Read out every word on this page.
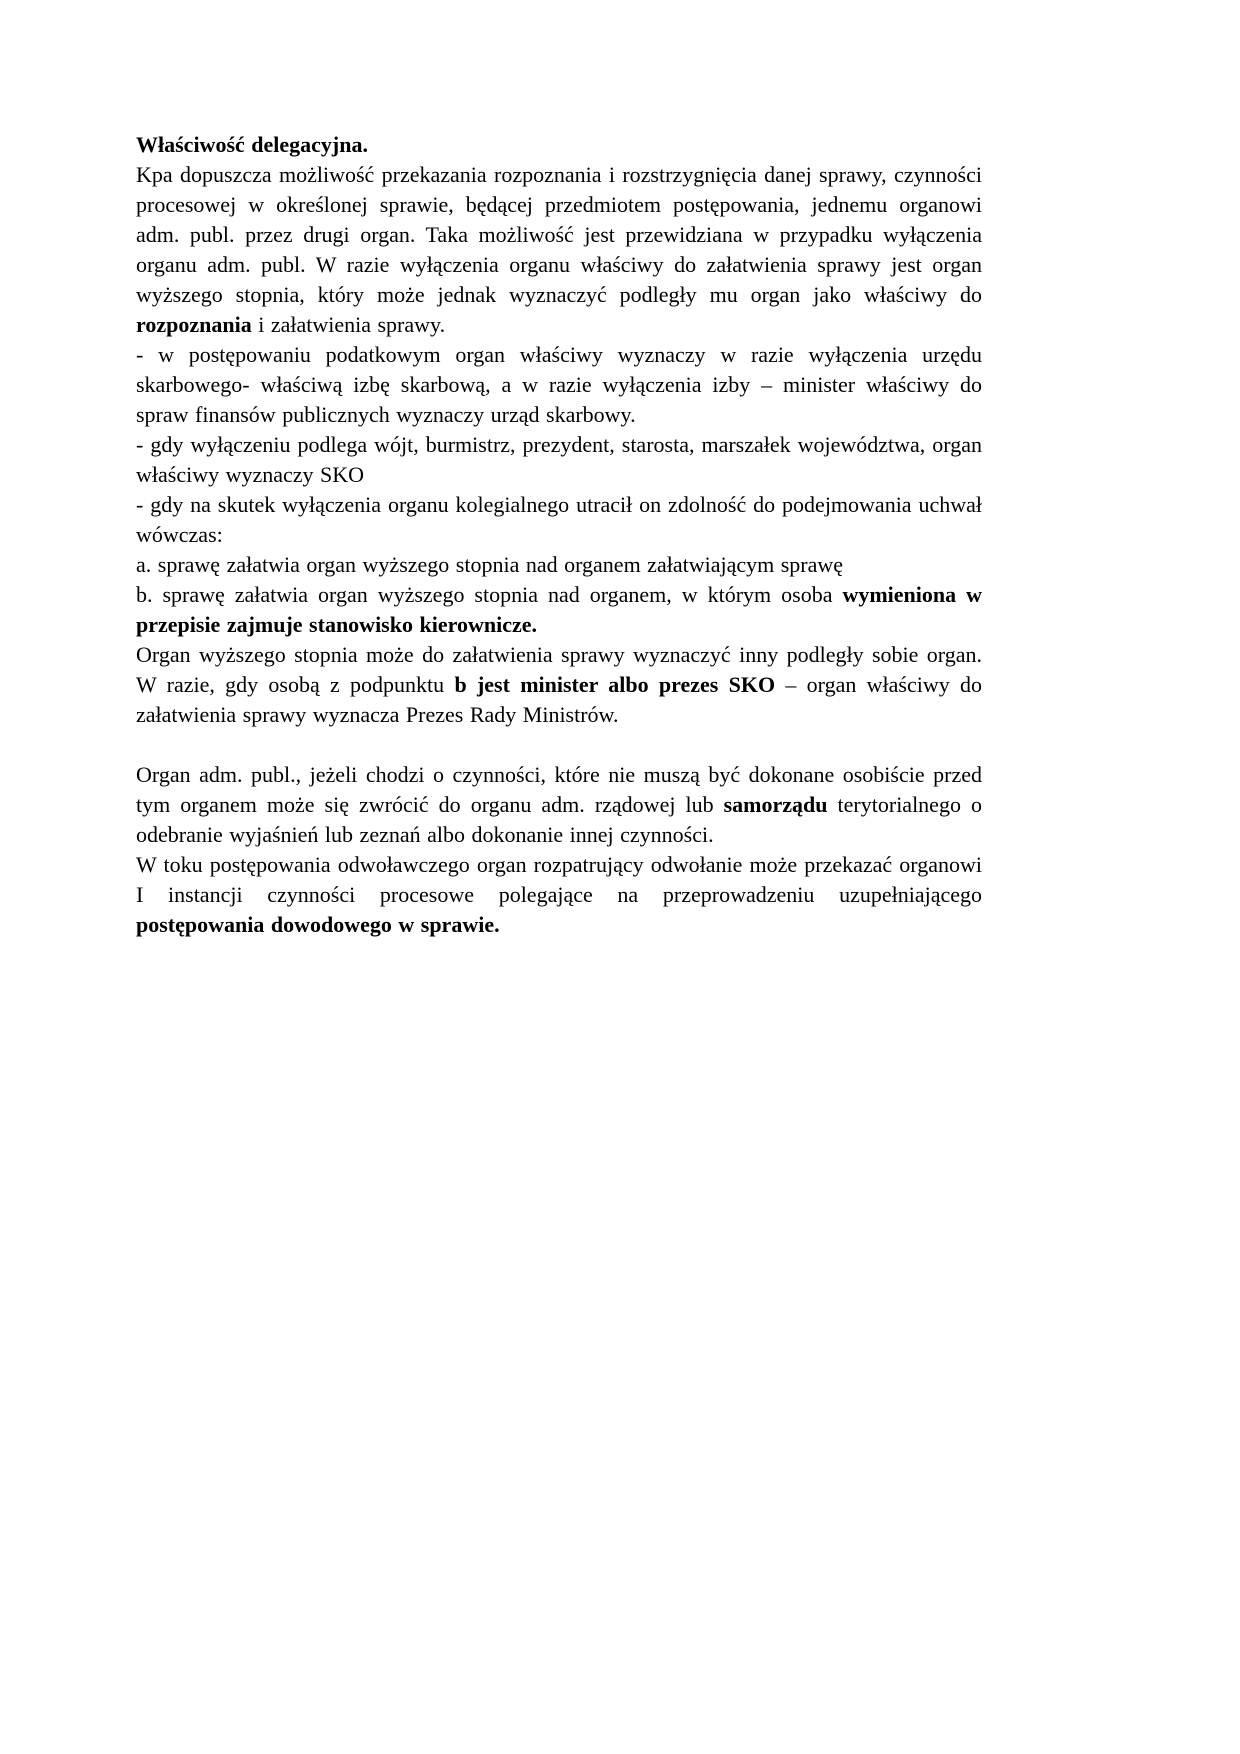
Właściwość delegacyjna.

Kpa dopuszcza możliwość przekazania rozpoznania i rozstrzygnięcia danej sprawy, czynności procesowej w określonej sprawie, będącej przedmiotem postępowania, jednemu organowi adm. publ. przez drugi organ. Taka możliwość jest przewidziana w przypadku wyłączenia organu adm. publ. W razie wyłączenia organu właściwy do załatwienia sprawy jest organ wyższego stopnia, który może jednak wyznaczyć podległy mu organ jako właściwy do rozpoznania i załatwienia sprawy.

- w postępowaniu podatkowym organ właściwy wyznaczy w razie wyłączenia urzędu skarbowego- właściwą izbę skarbową, a w razie wyłączenia izby – minister właściwy do spraw finansów publicznych wyznaczy urząd skarbowy.

- gdy wyłączeniu podlega wójt, burmistrz, prezydent, starosta, marszałek województwa, organ właściwy wyznaczy SKO

- gdy na skutek wyłączenia organu kolegialnego utracił on zdolność do podejmowania uchwał wówczas:

a. sprawę załatwia organ wyższego stopnia nad organem załatwiającym sprawę

b. sprawę załatwia organ wyższego stopnia nad organem, w którym osoba wymieniona w przepisie zajmuje stanowisko kierownicze.

Organ wyższego stopnia może do załatwienia sprawy wyznaczyć inny podległy sobie organ. W razie, gdy osobą z podpunktu b jest minister albo prezes SKO – organ właściwy do załatwienia sprawy wyznacza Prezes Rady Ministrów.

Organ adm. publ., jeżeli chodzi o czynności, które nie muszą być dokonane osobiście przed tym organem może się zwrócić do organu adm. rządowej lub samorządu terytorialnego o odebranie wyjaśnień lub zeznań albo dokonanie innej czynności.

W toku postępowania odwoławczego organ rozpatrujący odwołanie może przekazać organowi I instancji czynności procesowe polegające na przeprowadzeniu uzupełniającego postępowania dowodowego w sprawie.
